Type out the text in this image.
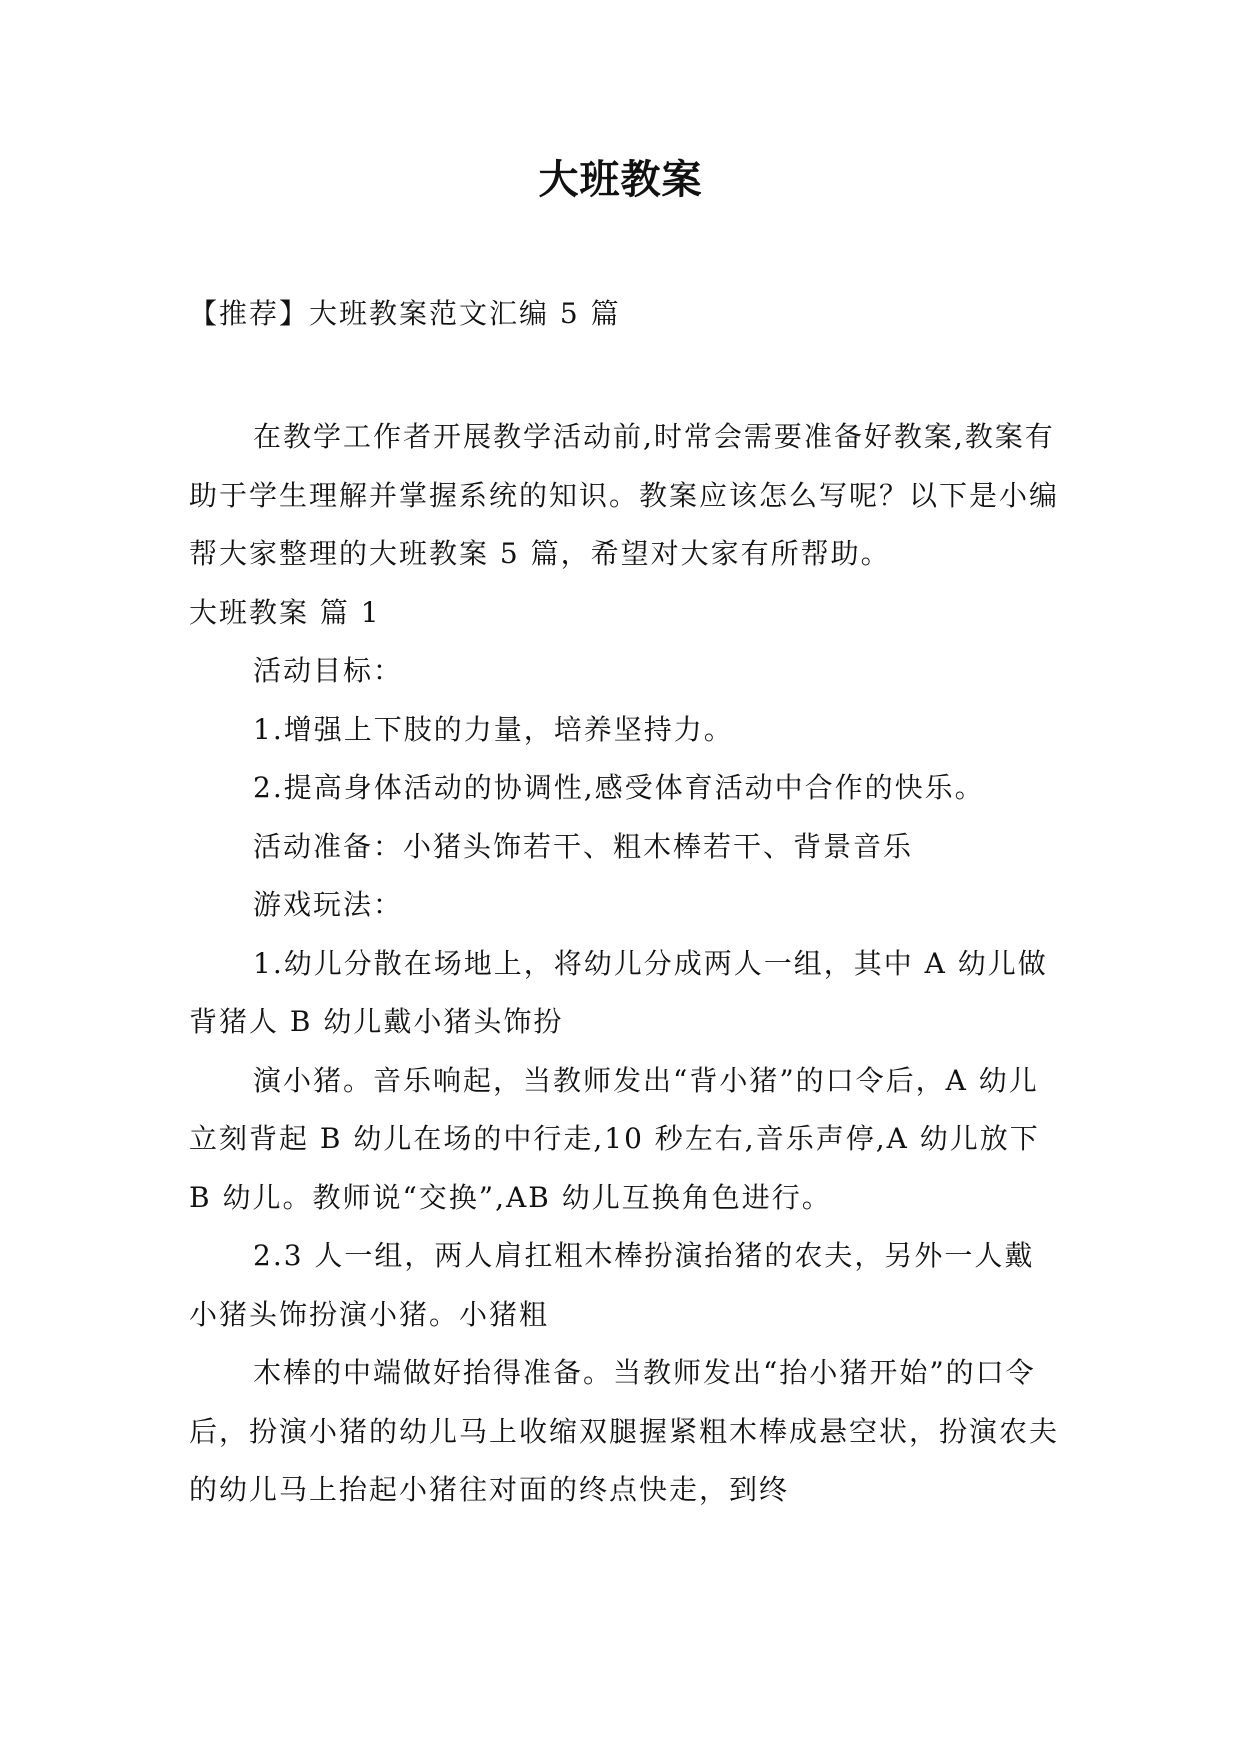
大班教案

【推荐】大班教案范文汇编 5 篇

在教学工作者开展教学活动前,时常会需要准备好教案,教案有助于学生理解并掌握系统的知识。教案应该怎么写呢？以下是小编帮大家整理的大班教案 5 篇，希望对大家有所帮助。

大班教案 篇 1

活动目标：

1.增强上下肢的力量，培养坚持力。

2.提高身体活动的协调性,感受体育活动中合作的快乐。

活动准备：小猪头饰若干、粗木棒若干、背景音乐

游戏玩法：

1.幼儿分散在场地上，将幼儿分成两人一组，其中 A 幼儿做背猪人 B 幼儿戴小猪头饰扮

演小猪。音乐响起，当教师发出“背小猪”的口令后，A 幼儿立刻背起 B 幼儿在场的中行走,10 秒左右,音乐声停,A 幼儿放下 B 幼儿。教师说“交换”,AB 幼儿互换角色进行。

2.3 人一组，两人肩扛粗木棒扮演抬猪的农夫，另外一人戴小猪头饰扮演小猪。小猪粗

木棒的中端做好抬得准备。当教师发出“抬小猪开始”的口令后，扮演小猪的幼儿马上收缩双腿握紧粗木棒成悬空状，扮演农夫的幼儿马上抬起小猪往对面的终点快走，到终
